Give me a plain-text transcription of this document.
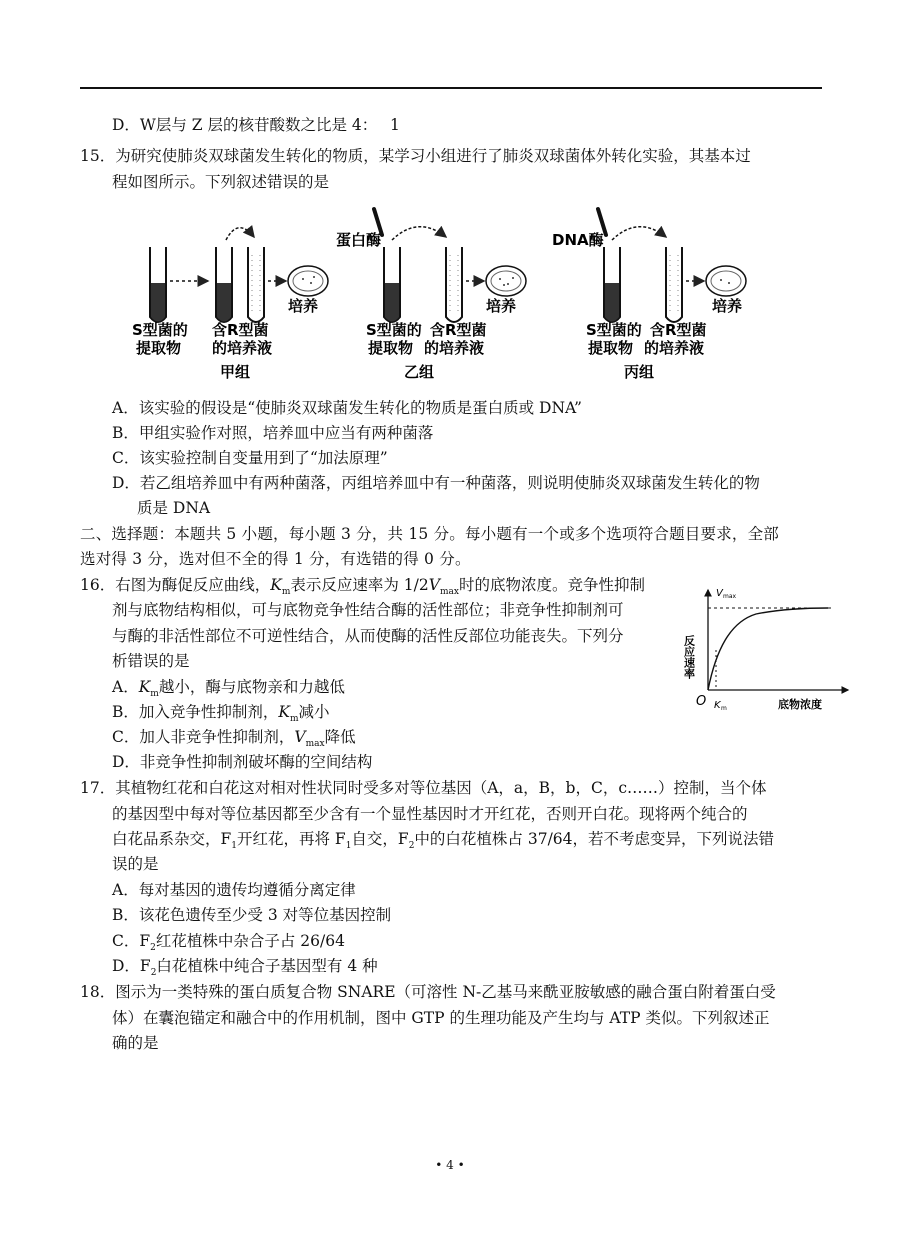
D．W层与 Z 层的核苷酸数之比是 4：　 1
15．为研究使肺炎双球菌发生转化的物质，某学习小组进行了肺炎双球菌体外转化实验，其基本过
程如图所示。下列叙述错误的是
培养
S型菌的
提取物
含R型菌
的培养液
甲组
蛋白酶
培养
S型菌的 含R型菌
提取物 的培养液
乙组
DNA酶
培养
S型菌的 含R型菌
提取物 的培养液
丙组
A．该实验的假设是“使肺炎双球菌发生转化的物质是蛋白质或 DNA”
B．甲组实验作对照，培养皿中应当有两种菌落
C．该实验控制自变量用到了“加法原理”
D．若乙组培养皿中有两种菌落，丙组培养皿中有一种菌落，则说明使肺炎双球菌发生转化的物
质是 DNA
二、选择题：本题共 5 小题，每小题 3 分，共 15 分。每小题有一个或多个选项符合题目要求，全部
选对得 3 分，选对但不全的得 1 分，有选错的得 0 分。
16．右图为酶促反应曲线，$K_m$表示反应速率为 $1/2V_{max}$时的底物浓度。竞争性抑制
剂与底物结构相似，可与底物竞争性结合酶的活性部位；非竞争性抑制剂可
与酶的非活性部位不可逆性结合，从而使酶的活性反部位功能丧失。下列分
析错误的是
A．$K_m$越小，酶与底物亲和力越低
B．加入竞争性抑制剂，$K_m$减小
C．加人非竞争性抑制剂，$V_{max}$降低
D．非竞争性抑制剂破坏酶的空间结构
V max
反应速率
O K m	底物浓度
17．其植物红花和白花这对相对性状同时受多对等位基因（A，a，B，b，C，c……）控制，当个体
的基因型中每对等位基因都至少含有一个显性基因时才开红花，否则开白花。现将两个纯合的
白花品系杂交，$F_1$开红花，再将 $F_1$自交，$F_2$中的白花植株占 37/64，若不考虑变异，下列说法错
误的是
A．每对基因的遗传均遵循分离定律
B．该花色遗传至少受 3 对等位基因控制
C．$F_2$红花植株中杂合子占 26/64
D．$F_2$白花植株中纯合子基因型有 4 种
18．图示为一类特殊的蛋白质复合物 SNARE（可溶性 N-乙基马来酰亚胺敏感的融合蛋白附着蛋白受
体）在囊泡锚定和融合中的作用机制，图中 GTP 的生理功能及产生均与 ATP 类似。下列叙述正
确的是
• 4 •
